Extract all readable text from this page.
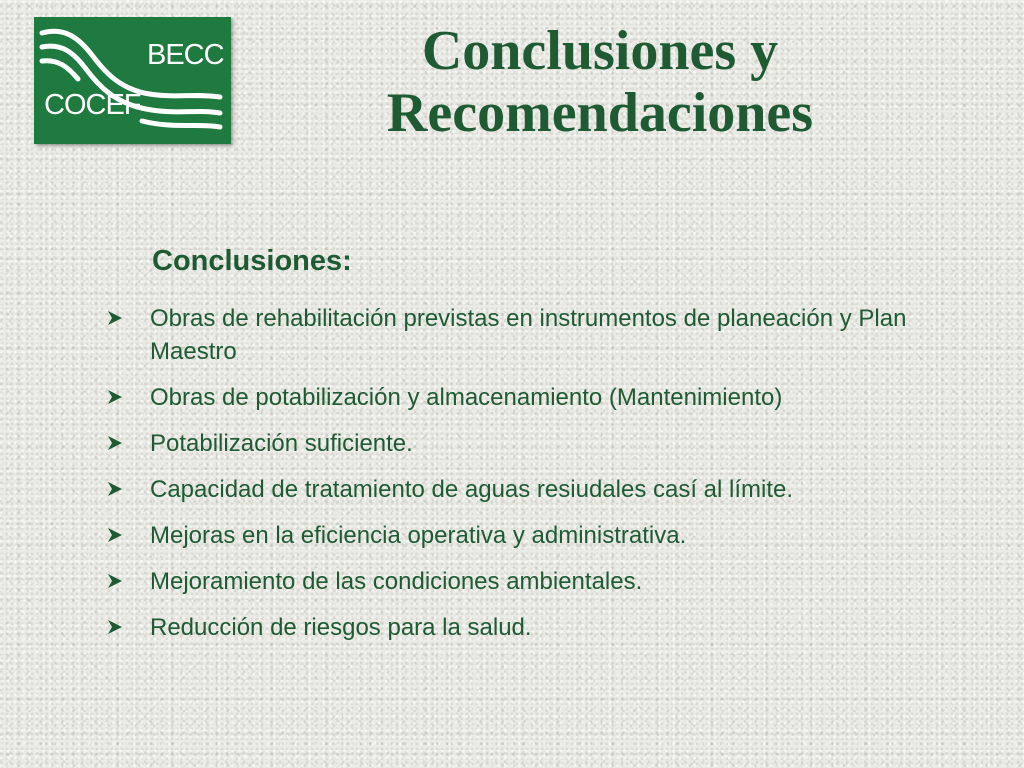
BECC
COCEF
Conclusiones y
Recomendaciones
Conclusiones:
Obras de rehabilitación previstas en instrumentos de planeación y Plan Maestro
Obras de potabilización y almacenamiento (Mantenimiento)
Potabilización suficiente.
Capacidad de tratamiento de aguas resiudales casí al límite.
Mejoras en la eficiencia operativa y administrativa.
Mejoramiento de las condiciones ambientales.
Reducción de riesgos para la salud.
